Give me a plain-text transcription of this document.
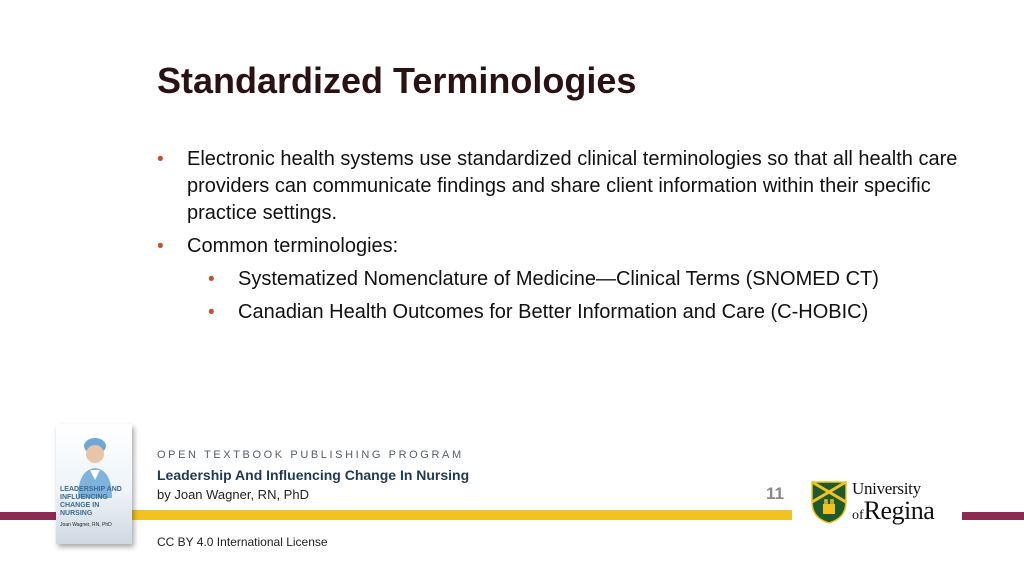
Standardized Terminologies
• Electronic health systems use standardized clinical terminologies so that all health care providers can communicate findings and share client information within their specific practice settings.
• Common terminologies:
• Systematized Nomenclature of Medicine—Clinical Terms (SNOMED CT)
• Canadian Health Outcomes for Better Information and Care (C-HOBIC)
LEADERSHIP AND INFLUENCING CHANGE IN NURSING
Joan Wagner, RN, PhD
OPEN TEXTBOOK PUBLISHING PROGRAM
Leadership And Influencing Change In Nursing
by Joan Wagner, RN, PhD
CC BY 4.0 International License
11	University
ofRegina
